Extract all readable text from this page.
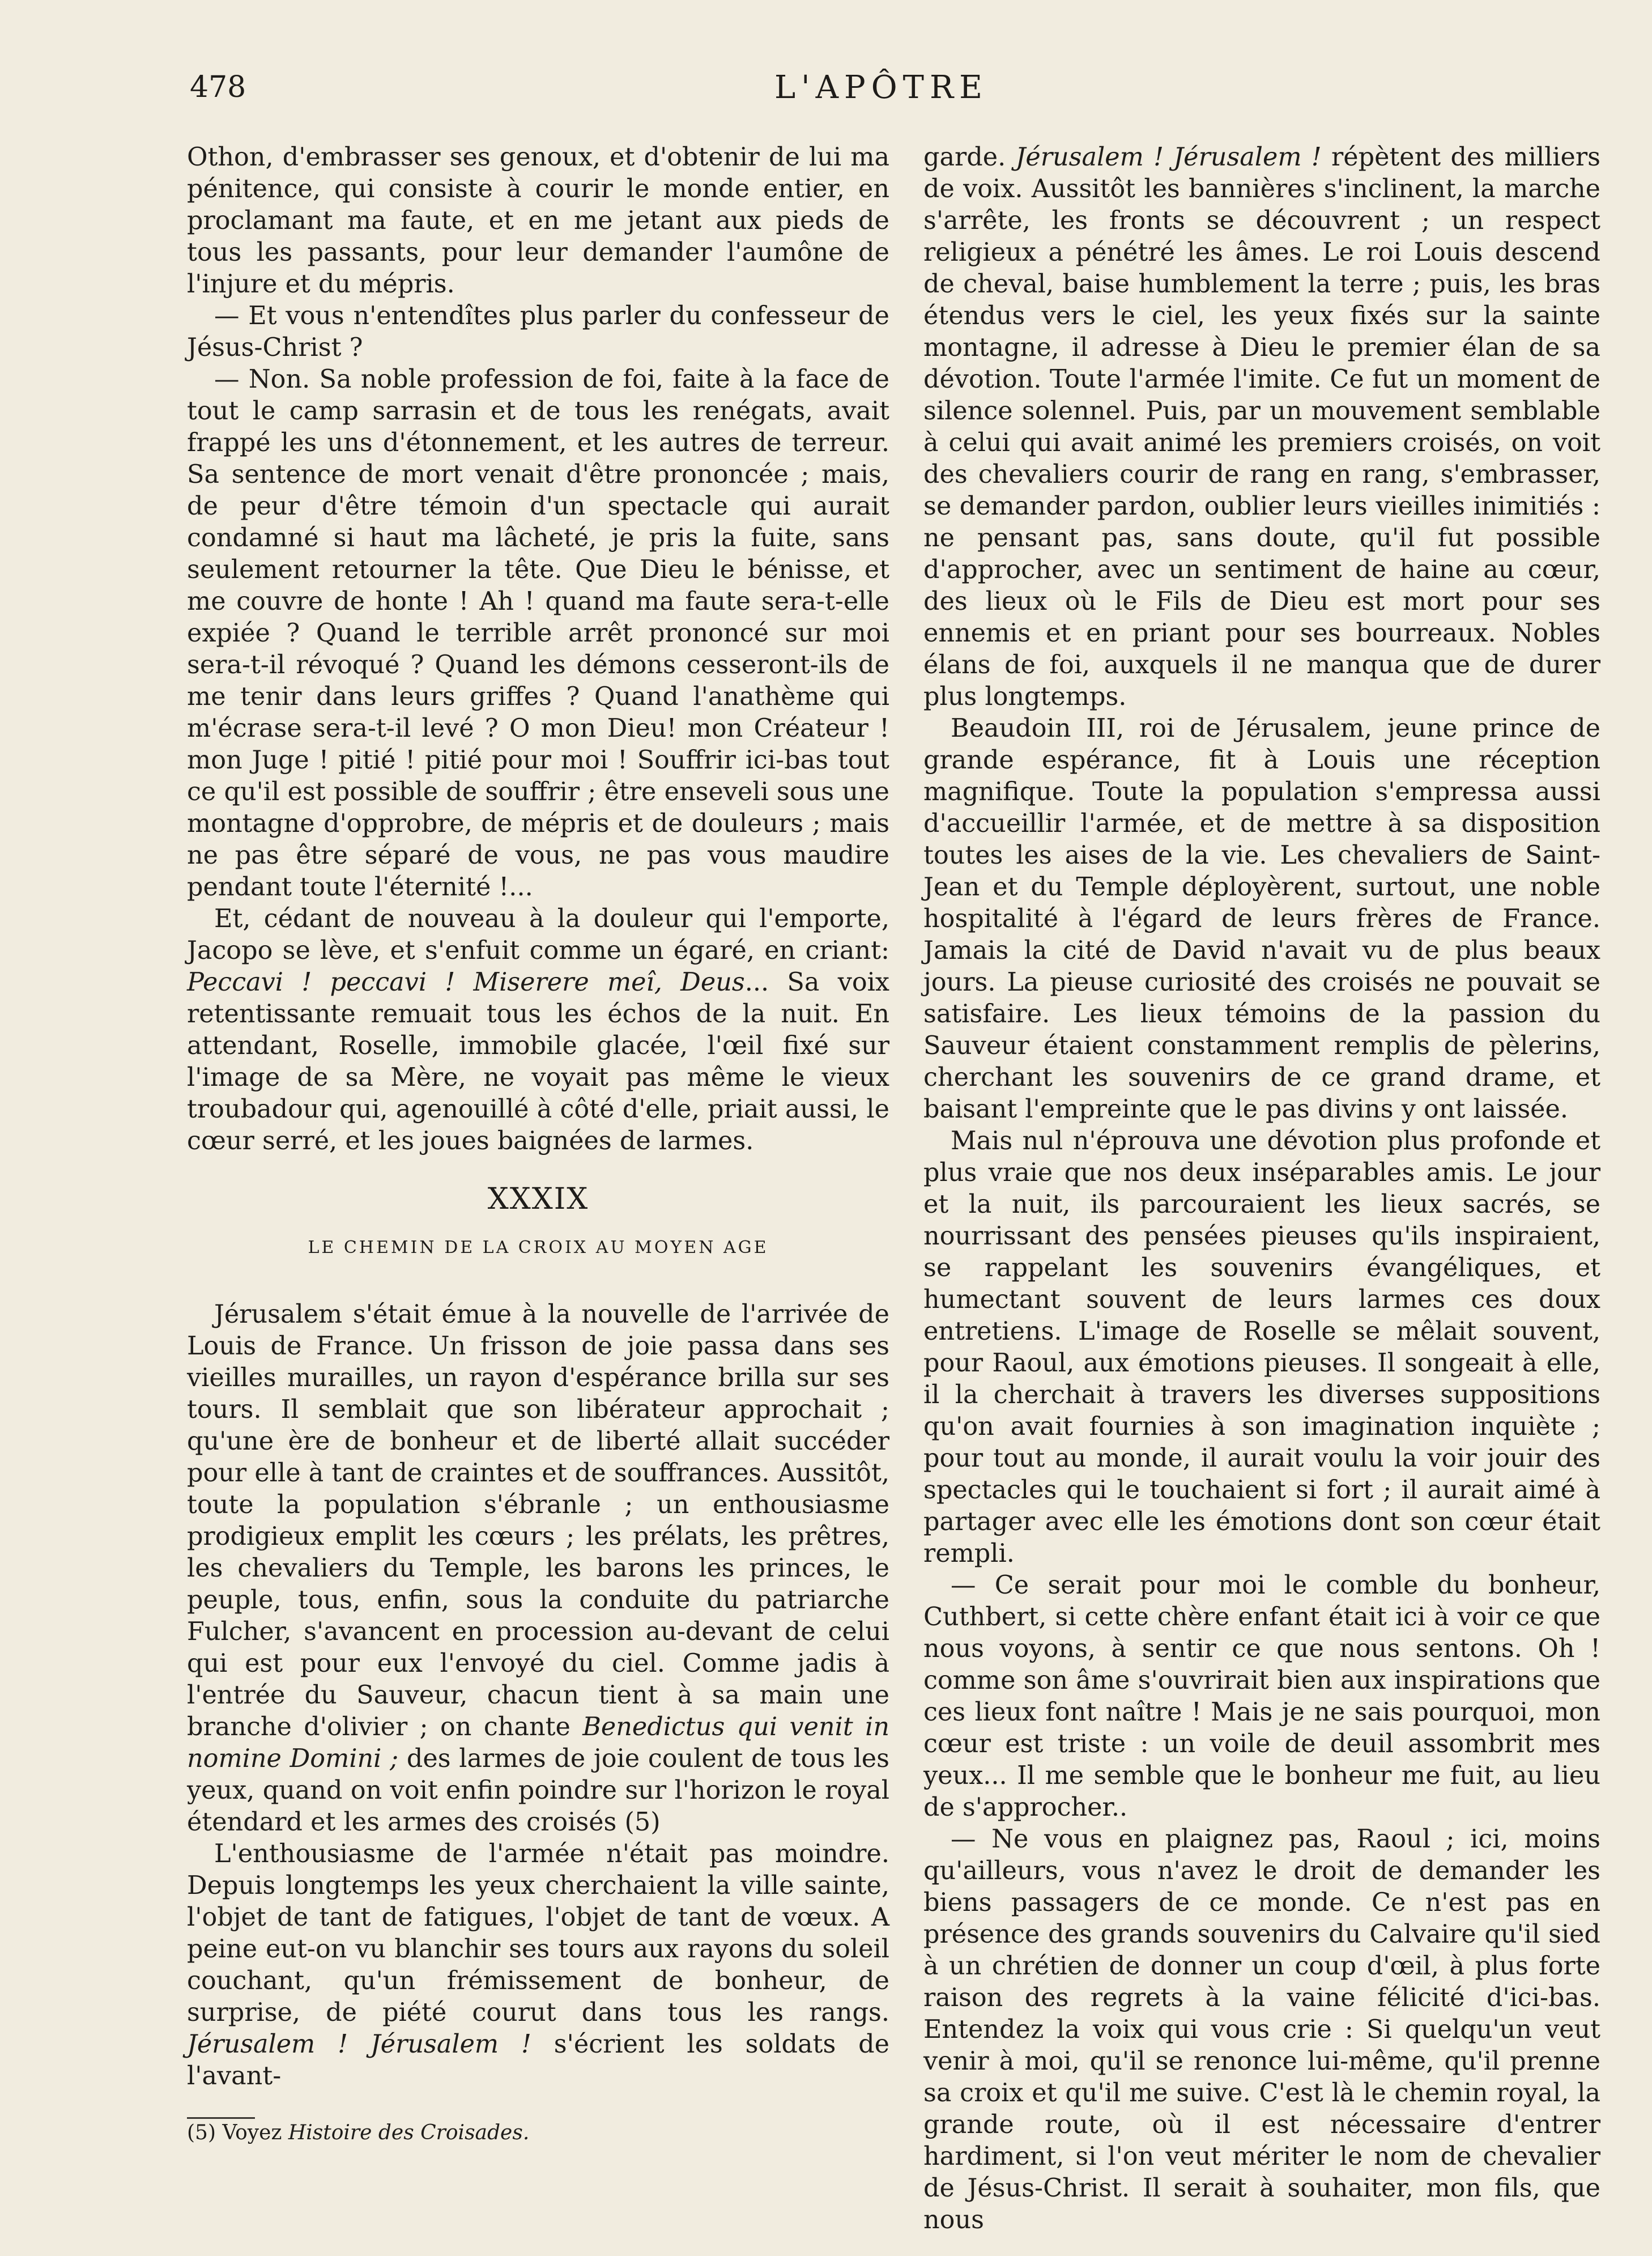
478	L'APÔTRE

Othon, d'embrasser ses genoux, et d'obtenir de lui ma pénitence, qui consiste à courir le monde entier, en proclamant ma faute, et en me jetant aux pieds de tous les passants, pour leur demander l'aumône de l'injure et du mépris.

— Et vous n'entendîtes plus parler du confesseur de Jésus-Christ ?

— Non. Sa noble profession de foi, faite à la face de tout le camp sarrasin et de tous les renégats, avait frappé les uns d'étonnement, et les autres de terreur. Sa sentence de mort venait d'être prononcée ; mais, de peur d'être témoin d'un spectacle qui aurait condamné si haut ma lâcheté, je pris la fuite, sans seulement retourner la tête. Que Dieu le bénisse, et me couvre de honte ! Ah ! quand ma faute sera-t-elle expiée ? Quand le terrible arrêt prononcé sur moi sera-t-il révoqué ? Quand les démons cesseront-ils de me tenir dans leurs griffes ? Quand l'anathème qui m'écrase sera-t-il levé ? O mon Dieu! mon Créateur ! mon Juge ! pitié ! pitié pour moi ! Souffrir ici-bas tout ce qu'il est possible de souffrir ; être enseveli sous une montagne d'opprobre, de mépris et de douleurs ; mais ne pas être séparé de vous, ne pas vous maudire pendant toute l'éternité !...

Et, cédant de nouveau à la douleur qui l'emporte, Jacopo se lève, et s'enfuit comme un égaré, en criant: Peccavi ! peccavi ! Miserere meî, Deus... Sa voix retentissante remuait tous les échos de la nuit. En attendant, Roselle, immobile glacée, l'œil fixé sur l'image de sa Mère, ne voyait pas même le vieux troubadour qui, agenouillé à côté d'elle, priait aussi, le cœur serré, et les joues baignées de larmes.

XXXIX
LE CHEMIN DE LA CROIX AU MOYEN AGE

Jérusalem s'était émue à la nouvelle de l'arrivée de Louis de France. Un frisson de joie passa dans ses vieilles murailles, un rayon d'espérance brilla sur ses tours. Il semblait que son libérateur approchait ; qu'une ère de bonheur et de liberté allait succéder pour elle à tant de craintes et de souffrances. Aussitôt, toute la population s'ébranle ; un enthousiasme prodigieux emplit les cœurs ; les prélats, les prêtres, les chevaliers du Temple, les barons les princes, le peuple, tous, enfin, sous la conduite du patriarche Fulcher, s'avancent en procession au-devant de celui qui est pour eux l'envoyé du ciel. Comme jadis à l'entrée du Sauveur, chacun tient à sa main une branche d'olivier ; on chante Benedictus qui venit in nomine Domini ; des larmes de joie coulent de tous les yeux, quand on voit enfin poindre sur l'horizon le royal étendard et les armes des croisés (5)

L'enthousiasme de l'armée n'était pas moindre. Depuis longtemps les yeux cherchaient la ville sainte, l'objet de tant de fatigues, l'objet de tant de vœux. A peine eut-on vu blanchir ses tours aux rayons du soleil couchant, qu'un frémissement de bonheur, de surprise, de piété courut dans tous les rangs. Jérusalem ! Jérusalem ! s'écrient les soldats de l'avant-

(5) Voyez Histoire des Croisades.

garde. Jérusalem ! Jérusalem ! répètent des milliers de voix. Aussitôt les bannières s'inclinent, la marche s'arrête, les fronts se découvrent ; un respect religieux a pénétré les âmes. Le roi Louis descend de cheval, baise humblement la terre ; puis, les bras étendus vers le ciel, les yeux fixés sur la sainte montagne, il adresse à Dieu le premier élan de sa dévotion. Toute l'armée l'imite. Ce fut un moment de silence solennel. Puis, par un mouvement semblable à celui qui avait animé les premiers croisés, on voit des chevaliers courir de rang en rang, s'embrasser, se demander pardon, oublier leurs vieilles inimitiés : ne pensant pas, sans doute, qu'il fut possible d'approcher, avec un sentiment de haine au cœur, des lieux où le Fils de Dieu est mort pour ses ennemis et en priant pour ses bourreaux. Nobles élans de foi, auxquels il ne manqua que de durer plus longtemps.

Beaudoin III, roi de Jérusalem, jeune prince de grande espérance, fit à Louis une réception magnifique. Toute la population s'empressa aussi d'accueillir l'armée, et de mettre à sa disposition toutes les aises de la vie. Les chevaliers de Saint-Jean et du Temple déployèrent, surtout, une noble hospitalité à l'égard de leurs frères de France. Jamais la cité de David n'avait vu de plus beaux jours. La pieuse curiosité des croisés ne pouvait se satisfaire. Les lieux témoins de la passion du Sauveur étaient constamment remplis de pèlerins, cherchant les souvenirs de ce grand drame, et baisant l'empreinte que le pas divins y ont laissée.

Mais nul n'éprouva une dévotion plus profonde et plus vraie que nos deux inséparables amis. Le jour et la nuit, ils parcouraient les lieux sacrés, se nourrissant des pensées pieuses qu'ils inspiraient, se rappelant les souvenirs évangéliques, et humectant souvent de leurs larmes ces doux entretiens. L'image de Roselle se mêlait souvent, pour Raoul, aux émotions pieuses. Il songeait à elle, il la cherchait à travers les diverses suppositions qu'on avait fournies à son imagination inquiète ; pour tout au monde, il aurait voulu la voir jouir des spectacles qui le touchaient si fort ; il aurait aimé à partager avec elle les émotions dont son cœur était rempli.

— Ce serait pour moi le comble du bonheur, Cuthbert, si cette chère enfant était ici à voir ce que nous voyons, à sentir ce que nous sentons. Oh ! comme son âme s'ouvrirait bien aux inspirations que ces lieux font naître ! Mais je ne sais pourquoi, mon cœur est triste : un voile de deuil assombrit mes yeux... Il me semble que le bonheur me fuit, au lieu de s'approcher..

— Ne vous en plaignez pas, Raoul ; ici, moins qu'ailleurs, vous n'avez le droit de demander les biens passagers de ce monde. Ce n'est pas en présence des grands souvenirs du Calvaire qu'il sied à un chrétien de donner un coup d'œil, à plus forte raison des regrets à la vaine félicité d'ici-bas. Entendez la voix qui vous crie : Si quelqu'un veut venir à moi, qu'il se renonce lui-même, qu'il prenne sa croix et qu'il me suive. C'est là le chemin royal, la grande route, où il est nécessaire d'entrer hardiment, si l'on veut mériter le nom de chevalier de Jésus-Christ. Il serait à souhaiter, mon fils, que nous
